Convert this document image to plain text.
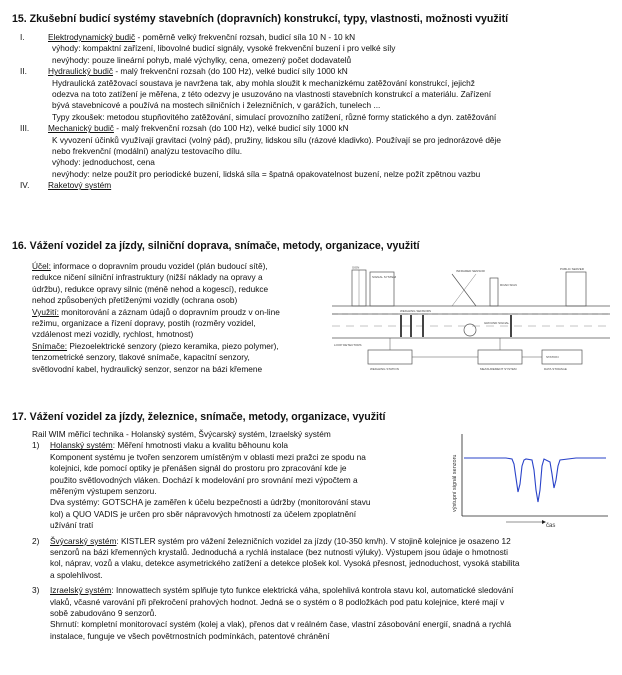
15. Zkušební budicí systémy stavebních (dopravních) konstrukcí, typy, vlastnosti, možnosti využití
I.	Elektrodynamický budič - poměrně velký frekvenční rozsah, budicí síla 10 N - 10 kN
výhody: kompaktní zařízení, libovolné budicí signály, vysoké frekvenční buzení i pro velké síly
nevýhody: pouze lineární pohyb, malé výchylky, cena, omezený počet dodavatelů
II.	Hydraulický budič - malý frekvenční rozsah (do 100 Hz), velké budicí síly 1000 kN
Hydraulická zatěžovací soustava je navržena tak, aby mohla sloužit k mechanizkému zatěžování konstrukcí, jejichž
odezva na toto zatížení je měřena, z této odezvy je usuzováno na vlastnosti stavebních konstrukcí a materiálu. Zařízení
bývá stavebnicové a používá na mostech silničních i železničních, v garážích, tunelech ...
Typy zkoušek: metodou stupňovitého zatěžování, simulací provozního zatížení, různé formy statického a dyn. zatěžování
III. Mechanický budič - malý frekvenční rozsah (do 100 Hz), velké budicí síly 1000 kN
K vyvození účinků využívají gravitaci (volný pád), pružiny, lidskou sílu (rázové kladivko). Používají se pro jednorázové děje
nebo frekvenční (modální) analýzu testovacího dílu.
výhody: jednoduchost, cena
nevýhody: nelze použít pro periodické buzení, lidská síla = špatná opakovatelnost buzení, nelze požít zpětnou vazbu
IV. Raketový systém
16. Vážení vozidel za jízdy, silniční doprava, snímače, metody, organizace, využití
Účel: informace o dopravním proudu vozidel (plán budoucí sítě),
redukce ničení silniční infrastruktury (nižší náklady na opravy a
údržbu), redukce opravy silnic (méně nehod a kogescí), redukce
nehod způsobených přetíženými vozidly (ochrana osob)
Využití: monitorování a záznam údajů o dopravním proudz v on-line
režimu, organizace a řízení dopravy, postih (rozměry vozidel,
vzdálenost mezi vozidly, rychlost, hmotnost)
Snímače: Piezoelektrické senzory (piezo keramika, piezo polymer),
tenzometrické senzory, tlakové snímače, kapacitní senzory,
světlovodní kabel, hydraulický senzor, senzor na bázi křemene	WEIGHING STATION
SIGNAL SYSTEM
SIGN
INFRARED SENSOR
ROAD SIGN
GROUND SIGNAL
PUBLIC SERVER
LOOP DETECTORS
MEASUREMENT SYSTEM
STATION
WEIGHING SENSORS
DATA STORAGE
17. Vážení vozidel za jízdy, železnice, snímače, metody, organizace, využití
Rail WIM měřicí technika - Holanský systém, Švýcarský systém, Izraelský systém
1) Holanský systém: Měření hmotnosti vlaku a kvalitu běhounu kola
Komponent systému je tvořen senzorem umístěným v oblasti mezi pražci ze spodu na
kolejnici, kde pomocí optiky je přenášen signál do prostoru pro zpracování kde je
použito světlovodných vláken. Dochází k modelování pro srovnání mezi výpočtem a
měřeným výstupem senzoru.
Dva systémy: GOTSCHA je zaměřen k účelu bezpečnosti a údržby (monitorování stavu
kol) a QUO VADIS je určen pro sběr nápravových hmotností za účelem zpoplatnění
užívání tratí
2) Švýcarský systém: KISTLER systém pro vážení železničních vozidel za jízdy (10-350 km/h). V stojině kolejnice je osazeno 12
senzorů na bázi křemenných krystalů. Jednoduchá a rychlá instalace (bez nutnosti výluky). Výstupem jsou údaje o hmotnosti
kol, náprav, vozů a vlaku, detekce asymetrického zatížení a detekce plošek kol. Vysoká přesnost, jednoduchost, vysoká stabilita
a spolehlivost.
3) Izraelský systém: Innowattech systém splňuje tyto funkce elektrická váha, spolehlivá kontrola stavu kol, automatické sledování
vlaků, včasné varování při překročení prahových hodnot. Jedná se o systém o 8 podložkách pod patu kolejnice, které mají v
sobě zabudováno 9 senzorů.
Shrnutí: kompletní monitorovací systém (kolej a vlak), přenos dat v reálném čase, vlastní zásobování energií, snadná a rychlá
instalace, funguje ve všech povětrnostních podmínkách, patentové chránění
výstupní signál senzoru
čas
